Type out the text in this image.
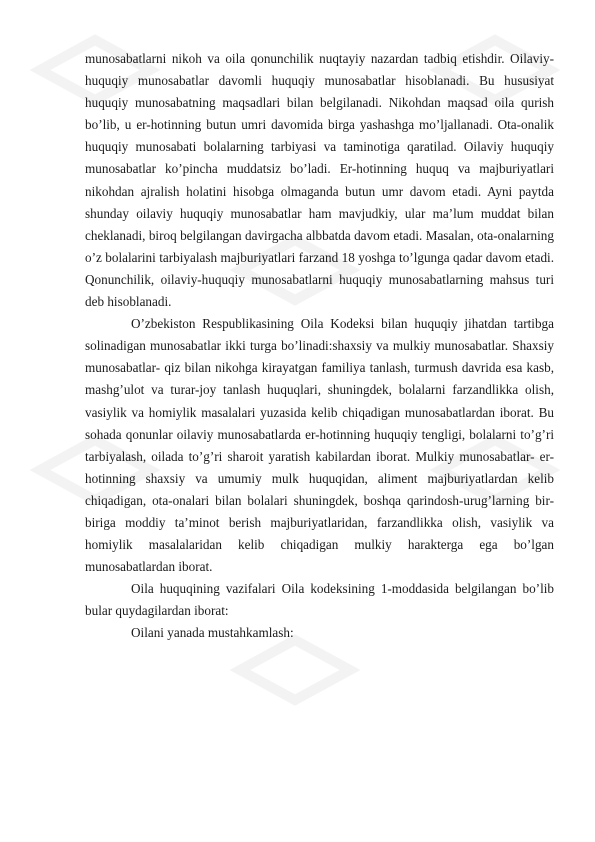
munosabatlarni nikoh va oila qonunchilik nuqtayiy nazardan tadbiq etishdir. Oilaviy-huquqiy munosabatlar davomli huquqiy munosabatlar hisoblanadi. Bu hususiyat huquqiy munosabatning maqsadlari bilan belgilanadi. Nikohdan maqsad oila qurish bo’lib, u er-hotinning butun umri davomida birga yashashga mo’ljallanadi. Ota-onalik huquqiy munosabati bolalarning tarbiyasi va taminotiga qaratilad. Oilaviy huquqiy munosabatlar ko’pincha muddatsiz bo’ladi. Er-hotinning huquq va majburiyatlari nikohdan ajralish holatini hisobga olmaganda butun umr davom etadi. Ayni paytda shunday oilaviy huquqiy munosabatlar ham mavjudkiy, ular ma’lum muddat bilan cheklanadi, biroq belgilangan davirgacha albbatda davom etadi. Masalan, ota-onalarning o’z bolalarini tarbiyalash majburiyatlari farzand 18 yoshga to’lgunga qadar davom etadi. Qonunchilik, oilaviy-huquqiy munosabatlarni huquqiy munosabatlarning mahsus turi deb hisoblanadi.

O’zbekiston Respublikasining Oila Kodeksi bilan huquqiy jihatdan tartibga solinadigan munosabatlar ikki turga bo’linadi:shaxsiy va mulkiy munosabatlar. Shaxsiy munosabatlar- qiz bilan nikohga kirayatgan familiya tanlash, turmush davrida esa kasb, mashg’ulot va turar-joy tanlash huquqlari, shuningdek, bolalarni farzandlikka olish, vasiylik va homiylik masalalari yuzasida kelib chiqadigan munosabatlardan iborat. Bu sohada qonunlar oilaviy munosabatlarda er-hotinning huquqiy tengligi, bolalarni to’g’ri tarbiyalash, oilada to’g’ri sharoit yaratish kabilardan iborat. Mulkiy munosabatlar- er-hotinning shaxsiy va umumiy mulk huquqidan, aliment majburiyatlardan kelib chiqadigan, ota-onalari bilan bolalari shuningdek, boshqa qarindosh-urug’larning bir-biriga moddiy ta’minot berish majburiyatlaridan, farzandlikka olish, vasiylik va homiylik masalalaridan kelib chiqadigan mulkiy harakterga ega bo’lgan munosabatlardan iborat.

Oila huquqining vazifalari Oila kodeksining 1-moddasida belgilangan bo’lib bular quydagilardan iborat:

Oilani yanada mustahkamlash:
